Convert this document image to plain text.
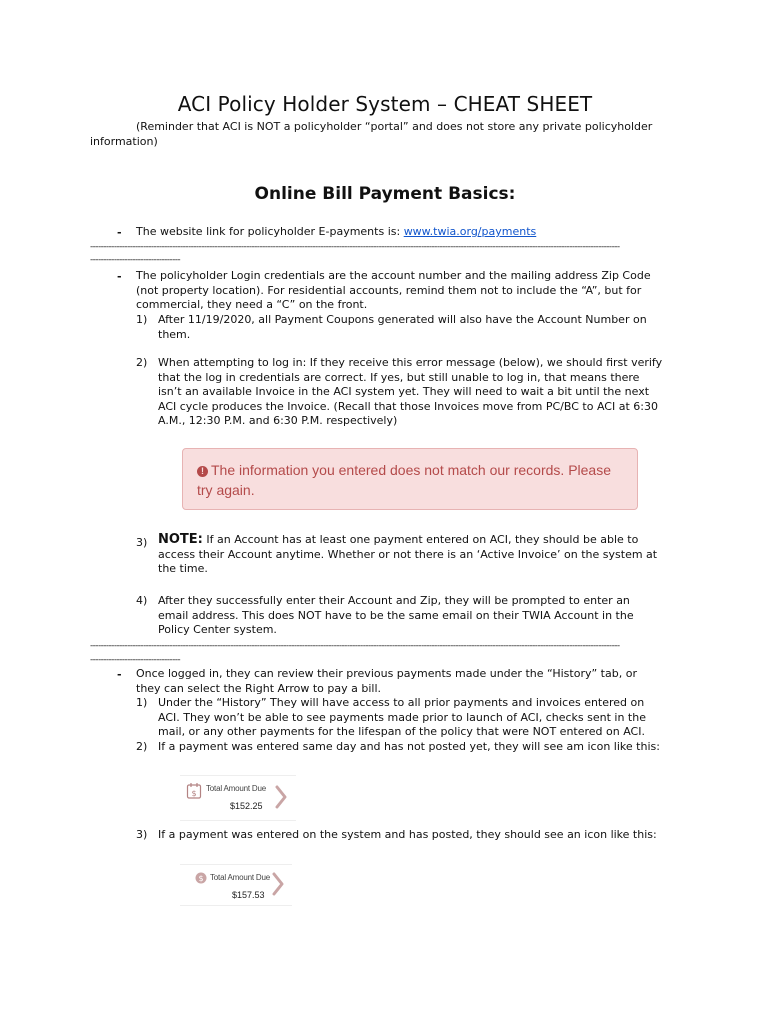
ACI Policy Holder System – CHEAT SHEET
(Reminder that ACI is NOT a policyholder “portal” and does not store any private policyholder
information)
Online Bill Payment Basics:
- The website link for policyholder E-payments is: www.twia.org/payments
--------------------------------------------------------------------------------------------------------------------------------------------------------------------------------------------------------
----------------------------------
- The policyholder Login credentials are the account number and the mailing address Zip Code
(not property location). For residential accounts, remind them not to include the “A”, but for
commercial, they need a “C” on the front.
1) After 11/19/2020, all Payment Coupons generated will also have the Account Number on
them.
2) When attempting to log in: If they receive this error message (below), we should first verify
that the log in credentials are correct. If yes, but still unable to log in, that means there
isn’t an available Invoice in the ACI system yet. They will need to wait a bit until the next
ACI cycle produces the Invoice. (Recall that those Invoices move from PC/BC to ACI at 6:30
A.M., 12:30 P.M. and 6:30 P.M. respectively)
! The information you entered does not match our records. Please
try again.
3) NOTE: If an Account has at least one payment entered on ACI, they should be able to
access their Account anytime. Whether or not there is an ‘Active Invoice’ on the system at
the time.
4) After they successfully enter their Account and Zip, they will be prompted to enter an
email address. This does NOT have to be the same email on their TWIA Account in the
Policy Center system.
--------------------------------------------------------------------------------------------------------------------------------------------------------------------------------------------------------
----------------------------------
- Once logged in, they can review their previous payments made under the “History” tab, or
they can select the Right Arrow to pay a bill.
1) Under the “History” They will have access to all prior payments and invoices entered on
ACI. They won’t be able to see payments made prior to launch of ACI, checks sent in the
mail, or any other payments for the lifespan of the policy that were NOT entered on ACI.
2) If a payment was entered same day and has not posted yet, they will see am icon like this:
$
Total Amount Due
$152.25
3) If a payment was entered on the system and has posted, they should see an icon like this:
$ Total Amount Due
$157.53
